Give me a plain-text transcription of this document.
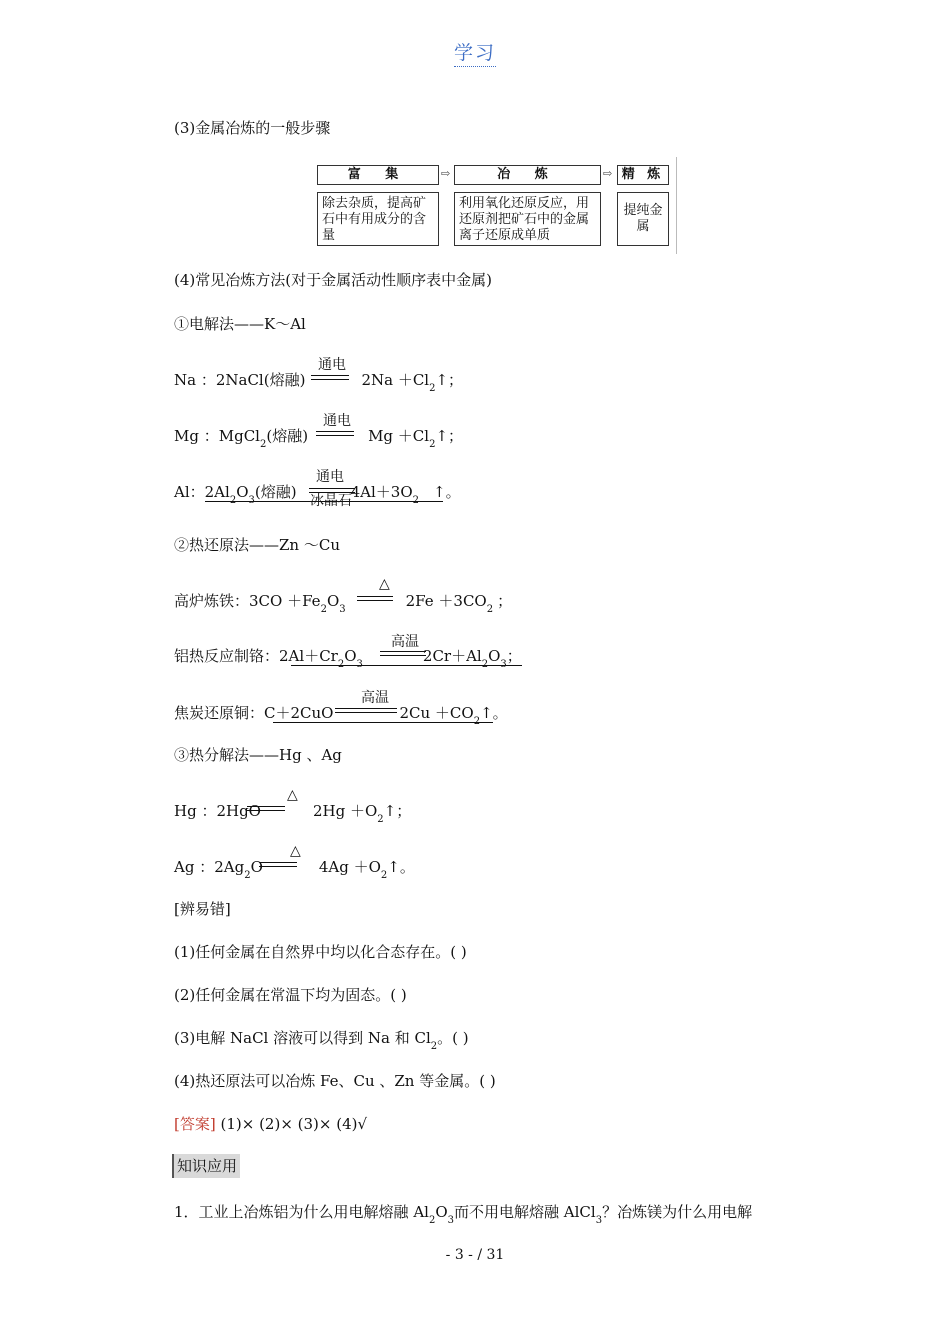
学习
(3)金属冶炼的一般步骤
富 集	⇨	冶 炼	⇨ 精 炼
除去杂质，提高矿石中有用成分的含量
利用氧化还原反应，用还原剂把矿石中的金属离子还原成单质
提纯金属
(4)常见冶炼方法(对于金属活动性顺序表中金属)
①电解法——K～Al
Na ：2NaCl(熔融)	$2Na +Cl_2↑$；
通电
Mg ：MgCl$_2$(熔融)	$Mg +Cl_2↑$；
通电
Al：$2Al_2O_3$(熔融)	$4Al+3O_2$ ↑。
通电
冰晶石
②热还原法——Zn ～Cu
高炉炼铁：$3CO +Fe_2O_3$	$2Fe +3CO_2$ ；
△
铝热反应制铬：$2Al+Cr_2O_3$	$2Cr+Al_2O_3$；
高温
焦炭还原铜：C＋2CuO	$2Cu +CO_2↑$。
高温
③热分解法——Hg 、Ag
Hg ：2HgO	$2Hg +O_2↑$；
△
Ag ：$2Ag_2O$	$4Ag +O_2↑$。
△
[辨易错]
(1)任何金属在自然界中均以化合态存在。( )
(2)任何金属在常温下均为固态。( )
(3)电解 NaCl 溶液可以得到 Na 和 $Cl_2$。( )
(4)热还原法可以冶炼 Fe、Cu 、Zn 等金属。( )
[答案] (1)× (2)× (3)× (4)√
知识应用
1．工业上冶炼铝为什么用电解熔融 $Al_2O_3$而不用电解熔融 AlCl$_3$？冶炼镁为什么用电解
- 3 - / 31
